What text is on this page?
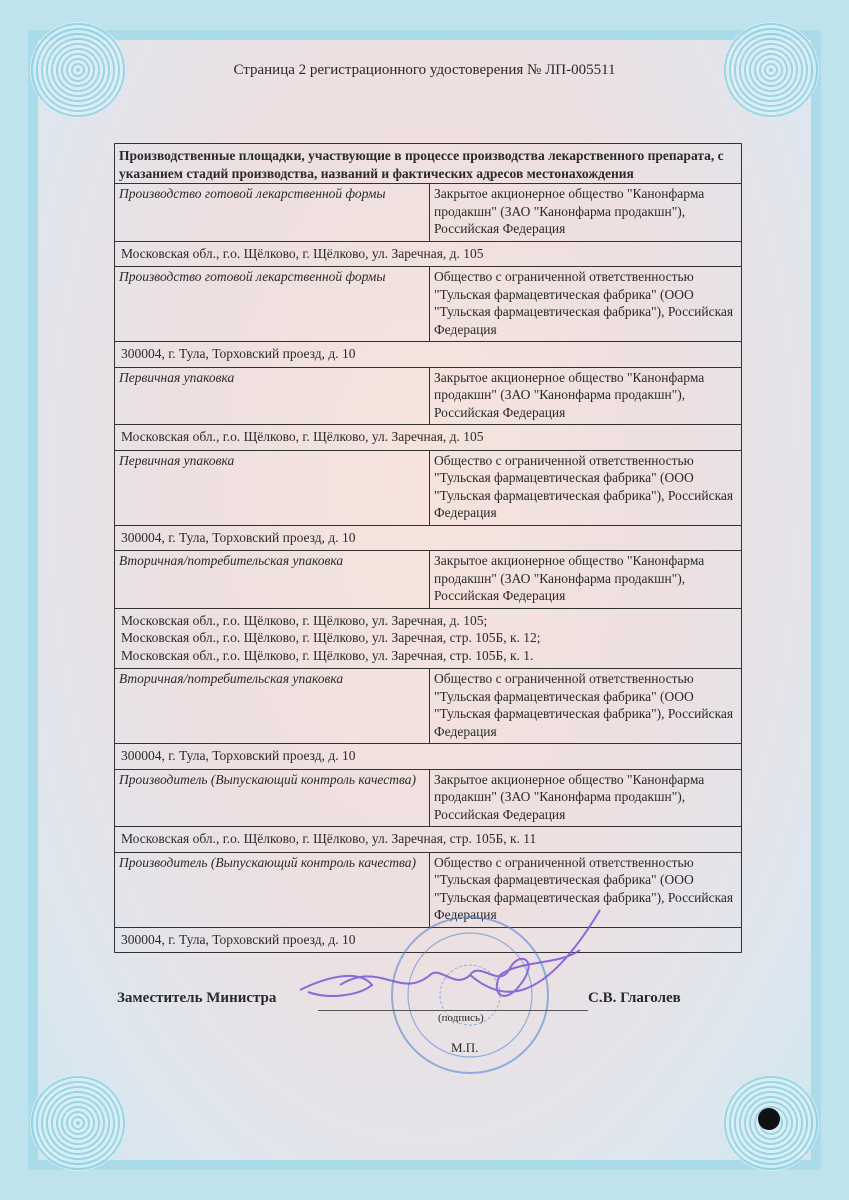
Страница 2 регистрационного удостоверения № ЛП-005511
Производственные площадки, участвующие в процессе производства лекарственного препарата, с указанием стадий производства, названий и фактических адресов местонахождения	
Производство готовой лекарственной формы	Закрытое акционерное общество "Канонфарма продакшн" (ЗАО "Канонфарма продакшн"), Российская Федерация
Московская обл., г.о. Щёлково, г. Щёлково, ул. Заречная, д. 105	
Производство готовой лекарственной формы	Общество с ограниченной ответственностью "Тульская фармацевтическая фабрика" (ООО "Тульская фармацевтическая фабрика"), Российская Федерация
300004, г. Тула, Торховский проезд, д. 10	
Первичная упаковка	Закрытое акционерное общество "Канонфарма продакшн" (ЗАО "Канонфарма продакшн"), Российская Федерация
Московская обл., г.о. Щёлково, г. Щёлково, ул. Заречная, д. 105	
Первичная упаковка	Общество с ограниченной ответственностью "Тульская фармацевтическая фабрика" (ООО "Тульская фармацевтическая фабрика"), Российская Федерация
300004, г. Тула, Торховский проезд, д. 10	
Вторичная/потребительская упаковка	Закрытое акционерное общество "Канонфарма продакшн" (ЗАО "Канонфарма продакшн"), Российская Федерация

Московская обл., г.о. Щёлково, г. Щёлково, ул. Заречная, д. 105;
Московская обл., г.о. Щёлково, г. Щёлково, ул. Заречная, стр. 105Б, к. 12;
Московская обл., г.о. Щёлково, г. Щёлково, ул. Заречная, стр. 105Б, к. 1.	

Вторичная/потребительская упаковка	Общество с ограниченной ответственностью "Тульская фармацевтическая фабрика" (ООО "Тульская фармацевтическая фабрика"), Российская Федерация
300004, г. Тула, Торховский проезд, д. 10	
Производитель (Выпускающий контроль качества)	Закрытое акционерное общество "Канонфарма продакшн" (ЗАО "Канонфарма продакшн"), Российская Федерация
Московская обл., г.о. Щёлково, г. Щёлково, ул. Заречная, стр. 105Б, к. 11	
Производитель (Выпускающий контроль качества)	Общество с ограниченной ответственностью "Тульская фармацевтическая фабрика" (ООО "Тульская фармацевтическая фабрика"), Российская Федерация
300004, г. Тула, Торховский проезд, д. 10	
Заместитель Министра
(подпись)
М.П.
С.В. Глаголев
